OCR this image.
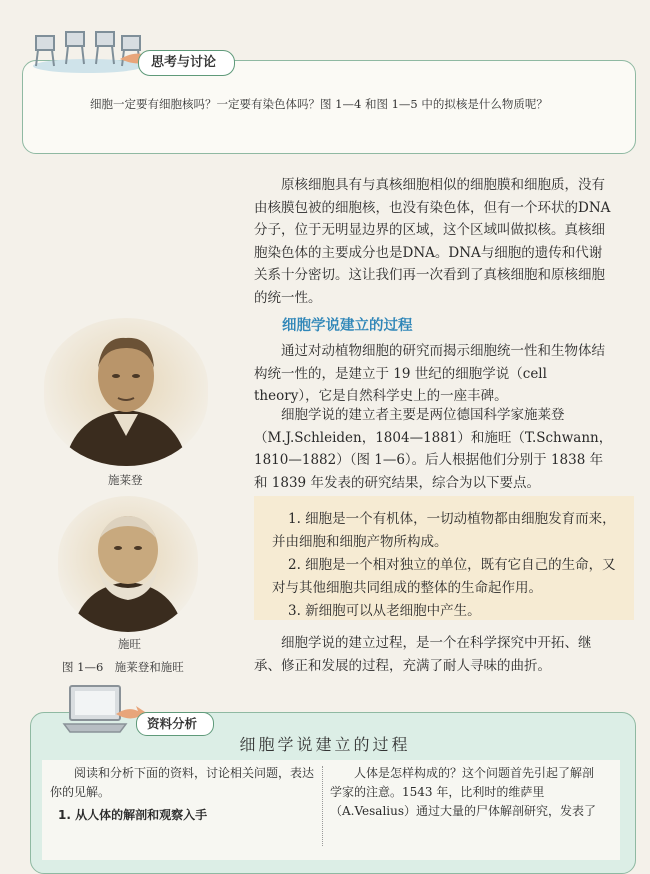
思考与讨论
细胞一定要有细胞核吗？一定要有染色体吗？图 1—4 和图 1—5 中的拟核是什么物质呢？

原核细胞具有与真核细胞相似的细胞膜和细胞质，没有由核膜包被的细胞核，也没有染色体，但有一个环状的DNA分子，位于无明显边界的区域，这个区域叫做拟核。真核细胞染色体的主要成分也是DNA。DNA与细胞的遗传和代谢关系十分密切。这让我们再一次看到了真核细胞和原核细胞的统一性。

细胞学说建立的过程

通过对动植物细胞的研究而揭示细胞统一性和生物体结构统一性的，是建立于 19 世纪的细胞学说（cell theory），它是自然科学史上的一座丰碑。

细胞学说的建立者主要是两位德国科学家施莱登（M.J.Schleiden，1804—1881）和施旺（T.Schwann，1810—1882）（图 1—6）。后人根据他们分别于 1838 年和 1839 年发表的研究结果，综合为以下要点。

1. 细胞是一个有机体，一切动植物都由细胞发育而来，并由细胞和细胞产物所构成。
2. 细胞是一个相对独立的单位，既有它自己的生命，又对与其他细胞共同组成的整体的生命起作用。
3. 新细胞可以从老细胞中产生。

细胞学说的建立过程，是一个在科学探究中开拓、继承、修正和发展的过程，充满了耐人寻味的曲折。

施莱登
施旺
图 1—6　施莱登和施旺
资料分析
细胞学说建立的过程

阅读和分析下面的资料，讨论相关问题，表达你的见解。

1. 从人体的解剖和观察入手

人体是怎样构成的？这个问题首先引起了解剖学家的注意。1543 年，比利时的维萨里（A.Vesalius）通过大量的尸体解剖研究，发表了
